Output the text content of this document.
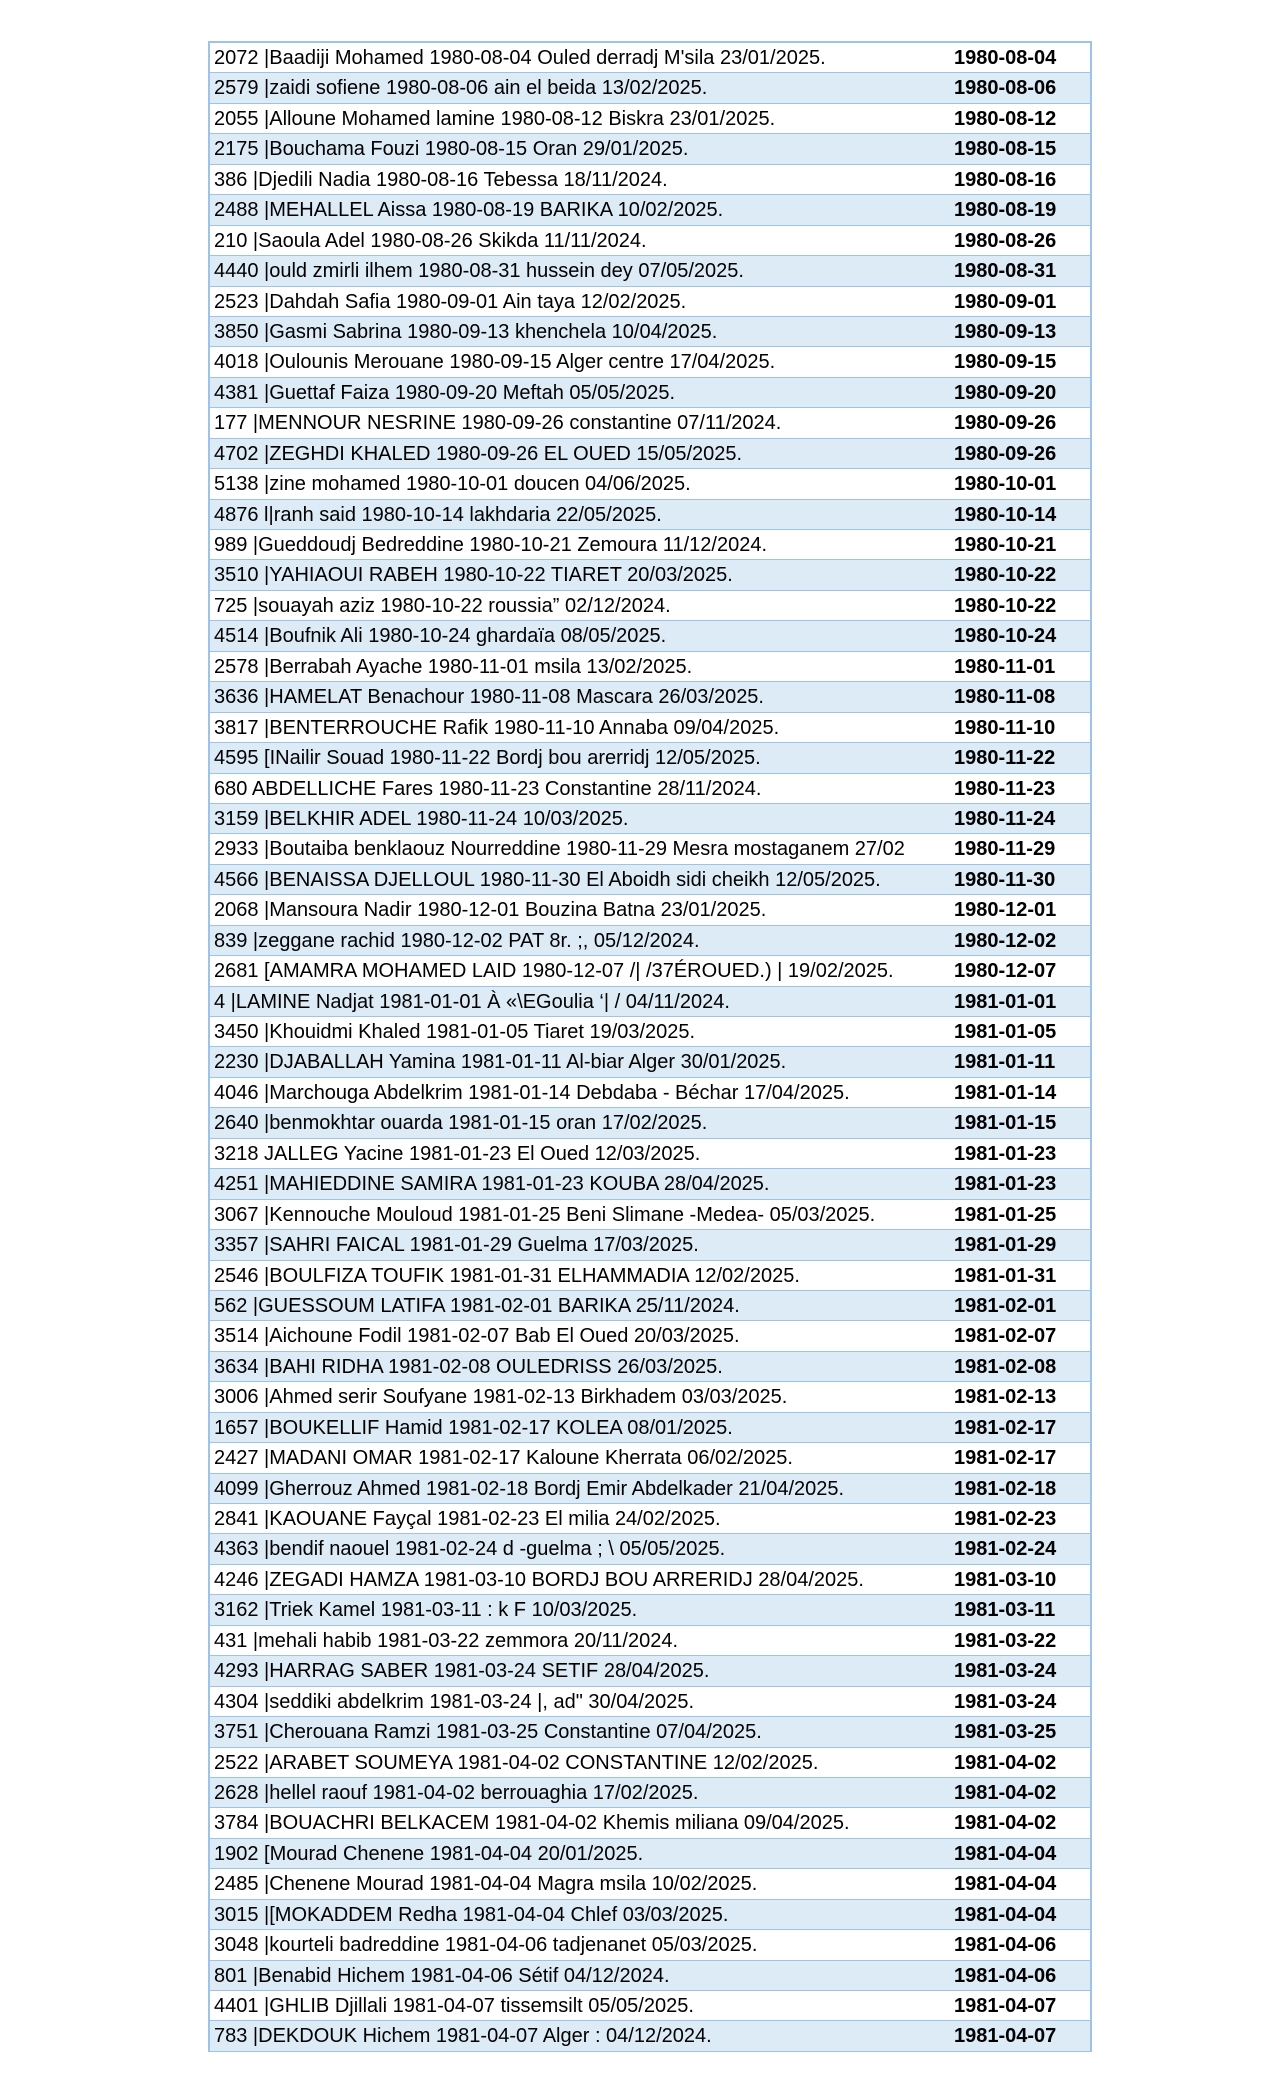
2072 |Baadiji Mohamed 1980-08-04 Ouled derradj M'sila 23/01/2025.	1980-08-04
2579 |zaidi sofiene 1980-08-06 ain el beida 13/02/2025.	1980-08-06
2055 |Alloune Mohamed lamine 1980-08-12 Biskra 23/01/2025.	1980-08-12
2175 |Bouchama Fouzi 1980-08-15 Oran 29/01/2025.	1980-08-15
386 |Djedili Nadia 1980-08-16 Tebessa 18/11/2024.	1980-08-16
2488 |MEHALLEL Aissa 1980-08-19 BARIKA 10/02/2025.	1980-08-19
210 |Saoula Adel 1980-08-26 Skikda 11/11/2024.	1980-08-26
4440 |ould zmirli ilhem 1980-08-31 hussein dey 07/05/2025.	1980-08-31
2523 |Dahdah Safia 1980-09-01 Ain taya 12/02/2025.	1980-09-01
3850 |Gasmi Sabrina 1980-09-13 khenchela 10/04/2025.	1980-09-13
4018 |Oulounis Merouane 1980-09-15 Alger centre 17/04/2025.	1980-09-15
4381 |Guettaf Faiza 1980-09-20 Meftah 05/05/2025.	1980-09-20
177 |MENNOUR NESRINE 1980-09-26 constantine 07/11/2024.	1980-09-26
4702 |ZEGHDI KHALED 1980-09-26 EL OUED 15/05/2025.	1980-09-26
5138 |zine mohamed 1980-10-01 doucen 04/06/2025.	1980-10-01
4876 l|ranh said 1980-10-14 lakhdaria 22/05/2025.	1980-10-14
989 |Gueddoudj Bedreddine 1980-10-21 Zemoura 11/12/2024.	1980-10-21
3510 |YAHIAOUI RABEH 1980-10-22 TIARET 20/03/2025.	1980-10-22
725 |souayah aziz 1980-10-22 roussia” 02/12/2024.	1980-10-22
4514 |Boufnik Ali 1980-10-24 ghardaïa 08/05/2025.	1980-10-24
2578 |Berrabah Ayache 1980-11-01 msila 13/02/2025.	1980-11-01
3636 |HAMELAT Benachour 1980-11-08 Mascara 26/03/2025.	1980-11-08
3817 |BENTERROUCHE Rafik 1980-11-10 Annaba 09/04/2025.	1980-11-10
4595 [INailir Souad 1980-11-22 Bordj bou arerridj 12/05/2025.	1980-11-22
680 ABDELLICHE Fares 1980-11-23 Constantine 28/11/2024.	1980-11-23
3159 |BELKHIR ADEL 1980-11-24 10/03/2025.	1980-11-24
2933 |Boutaiba benklaouz Nourreddine 1980-11-29 Mesra mostaganem 27/02	1980-11-29
4566 |BENAISSA DJELLOUL 1980-11-30 El Aboidh sidi cheikh 12/05/2025.	1980-11-30
2068 |Mansoura Nadir 1980-12-01 Bouzina Batna 23/01/2025.	1980-12-01
839 |zeggane rachid 1980-12-02 PAT 8r. ;, 05/12/2024.	1980-12-02
2681 [AMAMRA MOHAMED LAID 1980-12-07 /| /37ÉROUED.) | 19/02/2025.	1980-12-07
4 |LAMINE Nadjat 1981-01-01 À «\EGoulia ‘| / 04/11/2024.	1981-01-01
3450 |Khouidmi Khaled 1981-01-05 Tiaret 19/03/2025.	1981-01-05
2230 |DJABALLAH Yamina 1981-01-11 Al-biar Alger 30/01/2025.	1981-01-11
4046 |Marchouga Abdelkrim 1981-01-14 Debdaba - Béchar 17/04/2025.	1981-01-14
2640 |benmokhtar ouarda 1981-01-15 oran 17/02/2025.	1981-01-15
3218 JALLEG Yacine 1981-01-23 El Oued 12/03/2025.	1981-01-23
4251 |MAHIEDDINE SAMIRA 1981-01-23 KOUBA 28/04/2025.	1981-01-23
3067 |Kennouche Mouloud 1981-01-25 Beni Slimane -Medea- 05/03/2025.	1981-01-25
3357 |SAHRI FAICAL 1981-01-29 Guelma 17/03/2025.	1981-01-29
2546 |BOULFIZA TOUFIK 1981-01-31 ELHAMMADIA 12/02/2025.	1981-01-31
562 |GUESSOUM LATIFA 1981-02-01 BARIKA 25/11/2024.	1981-02-01
3514 |Aichoune Fodil 1981-02-07 Bab El Oued 20/03/2025.	1981-02-07
3634 |BAHI RIDHA 1981-02-08 OULEDRISS 26/03/2025.	1981-02-08
3006 |Ahmed serir Soufyane 1981-02-13 Birkhadem 03/03/2025.	1981-02-13
1657 |BOUKELLIF Hamid 1981-02-17 KOLEA 08/01/2025.	1981-02-17
2427 |MADANI OMAR 1981-02-17 Kaloune Kherrata 06/02/2025.	1981-02-17
4099 |Gherrouz Ahmed 1981-02-18 Bordj Emir Abdelkader 21/04/2025.	1981-02-18
2841 |KAOUANE Fayçal 1981-02-23 El milia 24/02/2025.	1981-02-23
4363 |bendif naouel 1981-02-24 d -guelma ; \ 05/05/2025.	1981-02-24
4246 |ZEGADI HAMZA 1981-03-10 BORDJ BOU ARRERIDJ 28/04/2025.	1981-03-10
3162 |Triek Kamel 1981-03-11 : k F 10/03/2025.	1981-03-11
431 |mehali habib 1981-03-22 zemmora 20/11/2024.	1981-03-22
4293 |HARRAG SABER 1981-03-24 SETIF 28/04/2025.	1981-03-24
4304 |seddiki abdelkrim 1981-03-24 |, ad" 30/04/2025.	1981-03-24
3751 |Cherouana Ramzi 1981-03-25 Constantine 07/04/2025.	1981-03-25
2522 |ARABET SOUMEYA 1981-04-02 CONSTANTINE 12/02/2025.	1981-04-02
2628 |hellel raouf 1981-04-02 berrouaghia 17/02/2025.	1981-04-02
3784 |BOUACHRI BELKACEM 1981-04-02 Khemis miliana 09/04/2025.	1981-04-02
1902 [Mourad Chenene 1981-04-04 20/01/2025.	1981-04-04
2485 |Chenene Mourad 1981-04-04 Magra msila 10/02/2025.	1981-04-04
3015 |[MOKADDEM Redha 1981-04-04 Chlef 03/03/2025.	1981-04-04
3048 |kourteli badreddine 1981-04-06 tadjenanet 05/03/2025.	1981-04-06
801 |Benabid Hichem 1981-04-06 Sétif 04/12/2024.	1981-04-06
4401 |GHLIB Djillali 1981-04-07 tissemsilt 05/05/2025.	1981-04-07
783 |DEKDOUK Hichem 1981-04-07 Alger : 04/12/2024.	1981-04-07
